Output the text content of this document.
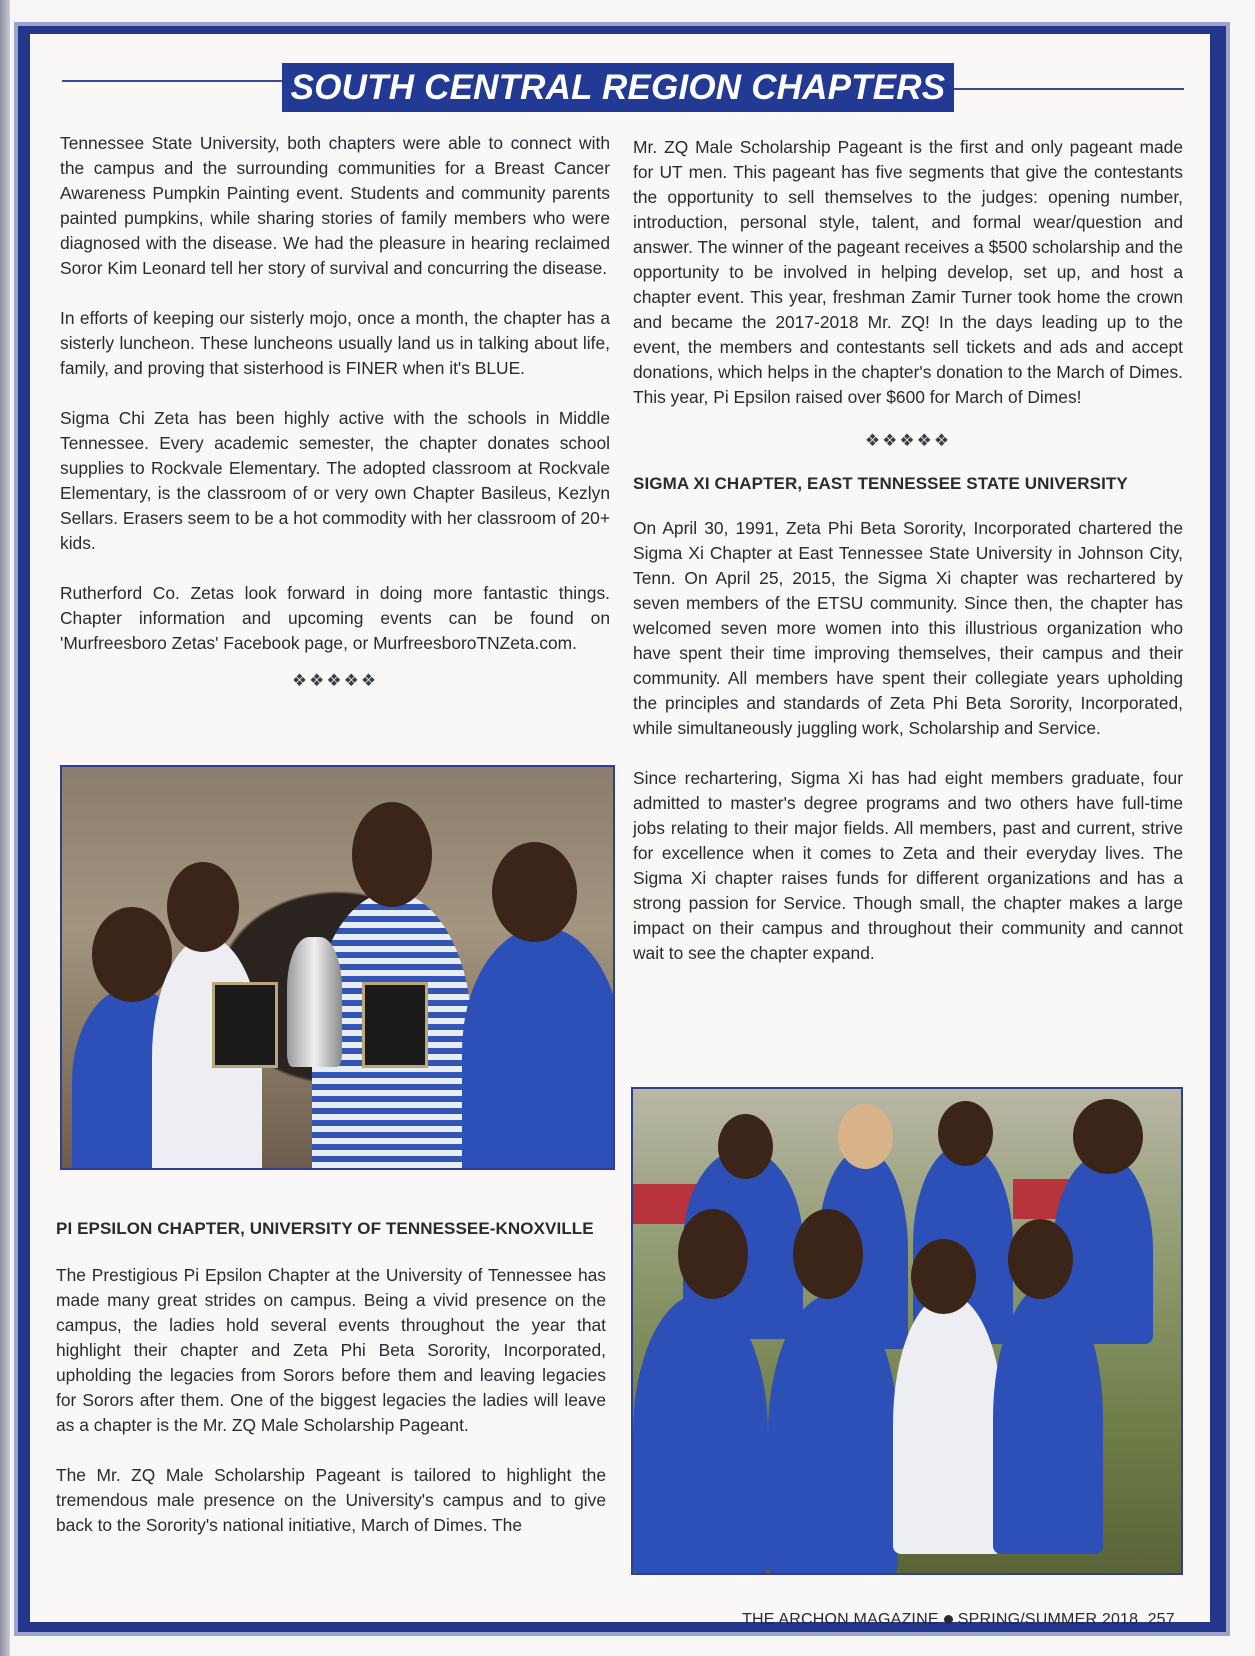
SOUTH CENTRAL REGION CHAPTERS

Tennessee State University, both chapters were able to connect with the campus and the surrounding communities for a Breast Cancer Awareness Pumpkin Painting event. Students and community parents painted pumpkins, while sharing stories of family members who were diagnosed with the disease. We had the pleasure in hearing reclaimed Soror Kim Leonard tell her story of survival and concurring the disease.

In efforts of keeping our sisterly mojo, once a month, the chapter has a sisterly luncheon. These luncheons usually land us in talking about life, family, and proving that sisterhood is FINER when it's BLUE.

Sigma Chi Zeta has been highly active with the schools in Middle Tennessee. Every academic semester, the chapter donates school supplies to Rockvale Elementary. The adopted classroom at Rockvale Elementary, is the classroom of or very own Chapter Basileus, Kezlyn Sellars. Erasers seem to be a hot commodity with her classroom of 20+ kids.

Rutherford Co. Zetas look forward in doing more fantastic things. Chapter information and upcoming events can be found on 'Murfreesboro Zetas' Facebook page, or MurfreesboroTNZeta.com.

❖❖❖❖❖

PI EPSILON CHAPTER, UNIVERSITY OF TENNESSEE-KNOXVILLE

The Prestigious Pi Epsilon Chapter at the University of Tennessee has made many great strides on campus. Being a vivid presence on the campus, the ladies hold several events throughout the year that highlight their chapter and Zeta Phi Beta Sorority, Incorporated, upholding the legacies from Sorors before them and leaving legacies for Sorors after them. One of the biggest legacies the ladies will leave as a chapter is the Mr. ZQ Male Scholarship Pageant.

The Mr. ZQ Male Scholarship Pageant is tailored to highlight the tremendous male presence on the University's campus and to give back to the Sorority's national initiative, March of Dimes. The

Mr. ZQ Male Scholarship Pageant is the first and only pageant made for UT men. This pageant has five segments that give the contestants the opportunity to sell themselves to the judges: opening number, introduction, personal style, talent, and formal wear/question and answer. The winner of the pageant receives a $500 scholarship and the opportunity to be involved in helping develop, set up, and host a chapter event. This year, freshman Zamir Turner took home the crown and became the 2017-2018 Mr. ZQ! In the days leading up to the event, the members and contestants sell tickets and ads and accept donations, which helps in the chapter's donation to the March of Dimes. This year, Pi Epsilon raised over $600 for March of Dimes!

❖❖❖❖❖

SIGMA XI CHAPTER, EAST TENNESSEE STATE UNIVERSITY

On April 30, 1991, Zeta Phi Beta Sorority, Incorporated chartered the Sigma Xi Chapter at East Tennessee State University in Johnson City, Tenn. On April 25, 2015, the Sigma Xi chapter was rechartered by seven members of the ETSU community. Since then, the chapter has welcomed seven more women into this illustrious organization who have spent their time improving themselves, their campus and their community. All members have spent their collegiate years upholding the principles and standards of Zeta Phi Beta Sorority, Incorporated, while simultaneously juggling work, Scholarship and Service.

Since rechartering, Sigma Xi has had eight members graduate, four admitted to master's degree programs and two others have full-time jobs relating to their major fields. All members, past and current, strive for excellence when it comes to Zeta and their everyday lives. The Sigma Xi chapter raises funds for different organizations and has a strong passion for Service. Though small, the chapter makes a large impact on their campus and throughout their community and cannot wait to see the chapter expand.

THE ARCHON MAGAZINE SPRING/SUMMER 2018 257
